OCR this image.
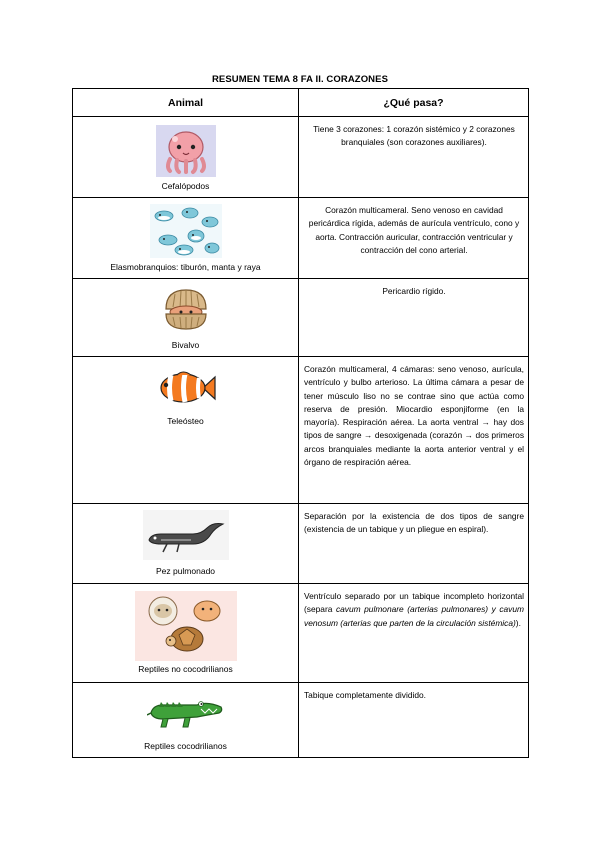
RESUMEN TEMA 8 FA II. CORAZONES
Animal	¿Qué pasa?

Cefalópodos	Tiene 3 corazones: 1 corazón sistémico y 2 corazones branquiales (son corazones auxiliares).

Elasmobranquios: tiburón, manta y raya	Corazón multicameral. Seno venoso en cavidad pericárdica rígida, además de aurícula ventrículo, cono y aorta. Contracción auricular, contracción ventricular y contracción del cono arterial.

Bivalvo	Pericardio rígido.

Teleósteo	Corazón multicameral, 4 cámaras: seno venoso, aurícula, ventrículo y bulbo arterioso. La última cámara a pesar de tener músculo liso no se contrae sino que actúa como reserva de presión. Miocardio esponjiforme (en la mayoría). Respiración aérea. La aorta ventral → hay dos tipos de sangre → desoxigenada (corazón → dos primeros arcos branquiales mediante la aorta anterior ventral y el órgano de respiración aérea.

Pez pulmonado	Separación por la existencia de dos tipos de sangre (existencia de un tabique y un pliegue en espiral).

Reptiles no cocodrilianos	Ventrículo separado por un tabique incompleto horizontal (separa cavum pulmonare (arterias pulmonares) y cavum venosum (arterias que parten de la circulación sistémica)).

Reptiles cocodrilianos	Tabique completamente dividido.
